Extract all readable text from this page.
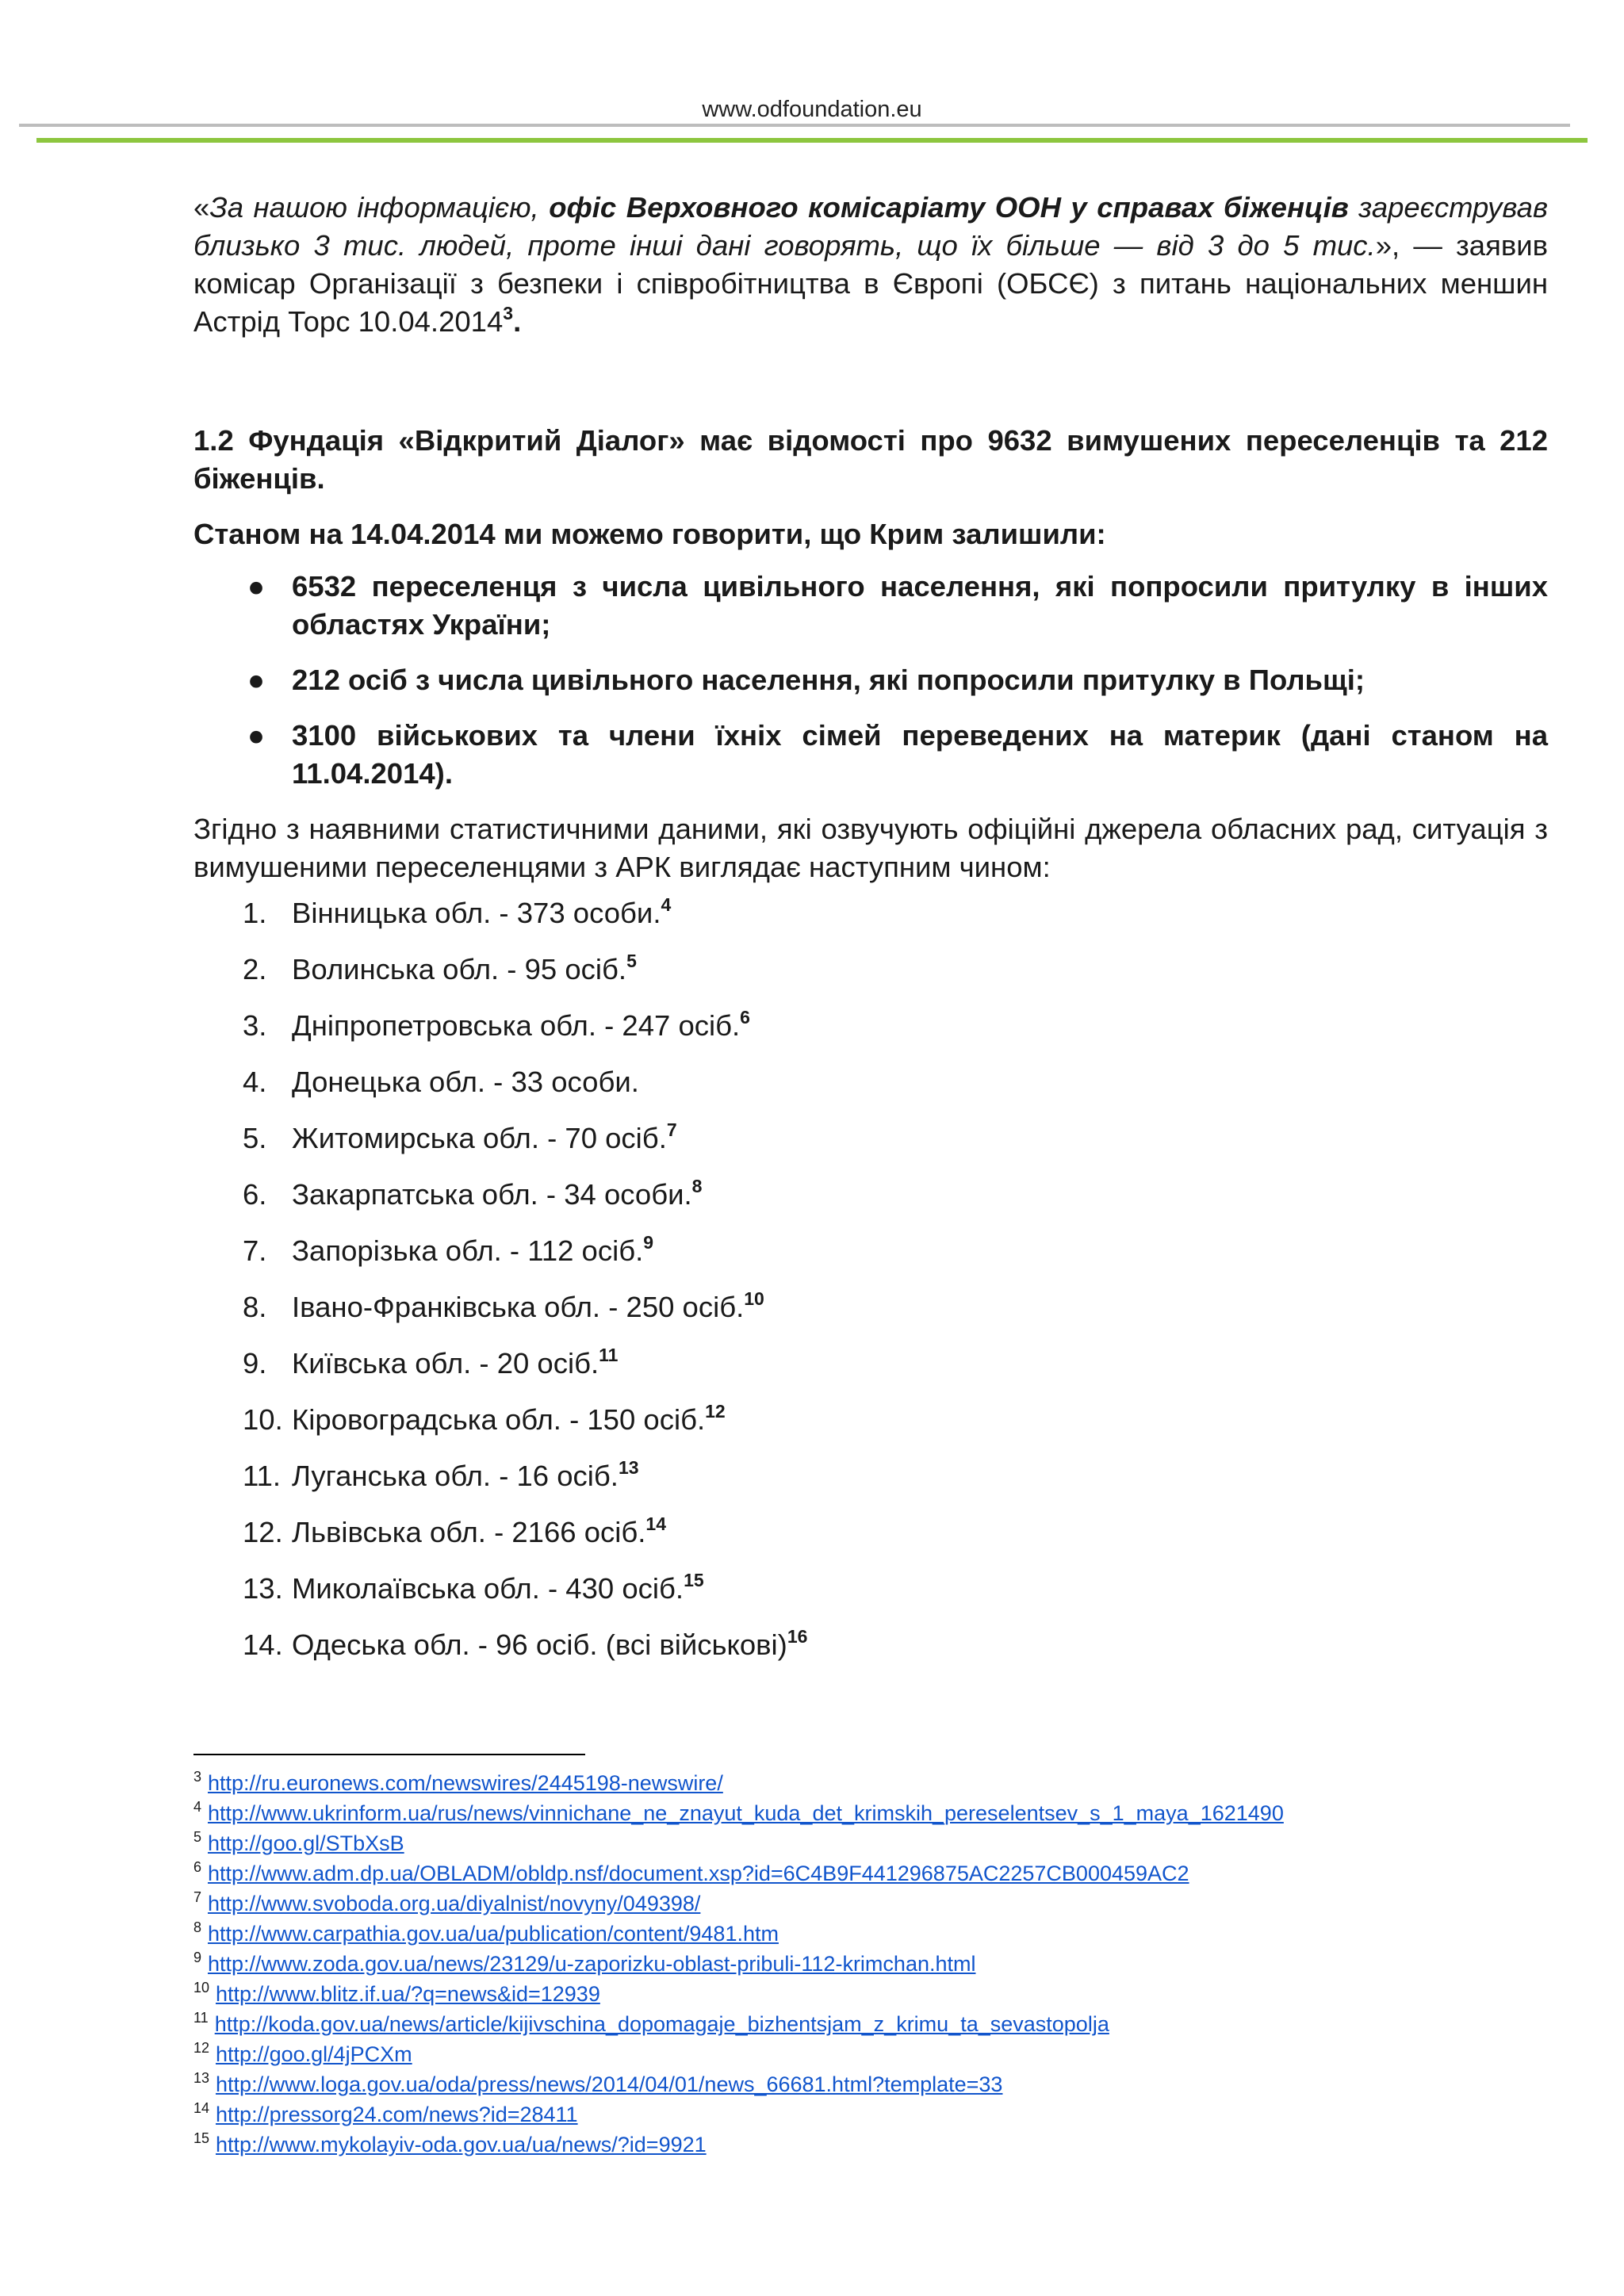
www.odfoundation.eu

«За нашою інформацією, офіс Верховного комісаріату ООН у справах біженців зареєстрував близько 3 тис. людей, проте інші дані говорять, що їх більше — від 3 до 5 тис.», — заявив комісар Організації з безпеки і співробітництва в Європі (ОБСЄ) з питань національних меншин Астрід Торс 10.04.2014$^3$.

1.2 Фундація «Відкритий Діалог» має відомості про 9632 вимушених переселенців та 212 біженців.

Станом на 14.04.2014 ми можемо говорити, що Крим залишили:

● 6532 переселенця з числа цивільного населення, які попросили притулку в інших областях України;
● 212 осіб з числа цивільного населення, які попросили притулку в Польщі;
● 3100 військових та члени їхніх сімей переведених на материк (дані станом на 11.04.2014).

Згідно з наявними статистичними даними, які озвучують офіційні джерела обласних рад, ситуація з вимушеними переселенцями з АРК виглядає наступним чином:

1. Вінницька обл. - 373 особи.$^4$
2. Волинська обл. - 95 осіб.$^5$
3. Дніпропетровська обл. - 247 осіб.$^6$
4. Донецька обл. - 33 особи.
5. Житомирська обл. - 70 осіб.$^7$
6. Закарпатська обл. - 34 особи.$^8$
7. Запорізька обл. - 112 осіб.$^9$
8. Івано-Франківська обл. - 250 осіб.$^{10}$
9. Київська обл. - 20 осіб.$^{11}$
10. Кіровоградська обл. - 150 осіб.$^{12}$
11. Луганська обл. - 16 осіб.$^{13}$
12. Львівська обл. - 2166 осіб.$^{14}$
13. Миколаївська обл. - 430 осіб.$^{15}$
14. Одеська обл. - 96 осіб. (всі військові)$^{16}$
$^3$ http://ru.euronews.com/newswires/2445198-newswire/
$^4$ http://www.ukrinform.ua/rus/news/vinnichane_ne_znayut_kuda_det_krimskih_pereselentsev_s_1_maya_1621490
$^5$ http://goo.gl/STbXsB
$^6$ http://www.adm.dp.ua/OBLADM/obldp.nsf/document.xsp?id=6C4B9F441296875AC2257CB000459AC2
$^7$ http://www.svoboda.org.ua/diyalnist/novyny/049398/
$^8$ http://www.carpathia.gov.ua/ua/publication/content/9481.htm
$^9$ http://www.zoda.gov.ua/news/23129/u-zaporizku-oblast-pribuli-112-krimchan.html
$^{10}$ http://www.blitz.if.ua/?q=news&id=12939
$^{11}$ http://koda.gov.ua/news/article/kijivschina_dopomagaje_bizhentsjam_z_krimu_ta_sevastopolja
$^{12}$ http://goo.gl/4jPCXm
$^{13}$ http://www.loga.gov.ua/oda/press/news/2014/04/01/news_66681.html?template=33
$^{14}$ http://pressorg24.com/news?id=28411
$^{15}$ http://www.mykolayiv-oda.gov.ua/ua/news/?id=9921
